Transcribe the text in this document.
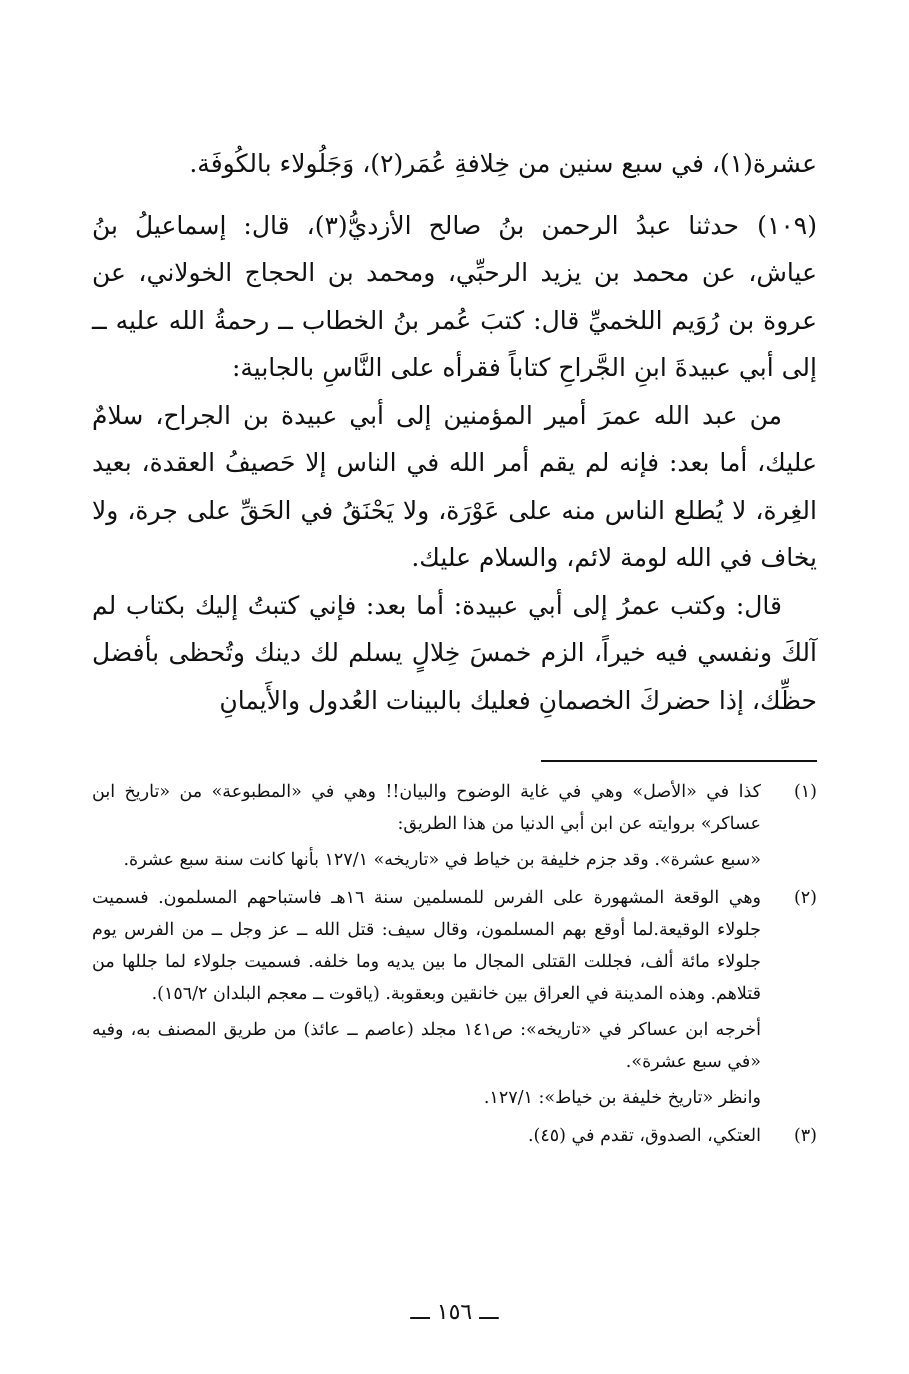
عشرة(١)، في سبع سنين من خِلافةِ عُمَر(٢)، وَجَلُولاء بالكُوفَة.

(١٠٩)

حدثنا عبدُ الرحمن بنُ صالح الأزديُّ(٣)، قال: إسماعيلُ بنُ عياش، عن محمد بن يزيد الرحبِّي، ومحمد بن الحجاج الخولاني، عن عروة بن رُوَيم اللخميِّ قال: كتبَ عُمر بنُ الخطاب ــ رحمةُ الله عليه ــ إلى أبي عبيدةَ ابنِ الجَّراحِ كتاباً فقرأه على النَّاسِ بالجابية:

من عبد الله عمرَ أمير المؤمنين إلى أبي عبيدة بن الجراح، سلامٌ عليك، أما بعد: فإنه لم يقم أمر الله في الناس إلا حَصيفُ العقدة، بعيد الغِرة، لا يُطلع الناس منه على عَوْرَة، ولا يَحْنَقُ في الحَقِّ على جرة، ولا يخاف في الله لومة لائم، والسلام عليك.

قال: وكتب عمرُ إلى أبي عبيدة: أما بعد: فإني كتبتُ إليك بكتاب لم آلكَ ونفسي فيه خيراً، الزم خمسَ خِلالٍ يسلم لك دينك وتُحظى بأفضل حظِّك، إذا حضركَ الخصمانِ فعليك بالبينات العُدول والأَيمانِ

(١)

كذا في «الأصل» وهي في غاية الوضوح والبيان!! وهي في «المطبوعة» من «تاريخ ابن عساكر» بروايته عن ابن أبي الدنيا من هذا الطريق:

«سبع عشرة». وقد جزم خليفة بن خياط في «تاريخه» ١٢٧/١ بأنها كانت سنة سبع عشرة.

(٢)

وهي الوقعة المشهورة على الفرس للمسلمين سنة ١٦هـ فاستباحهم المسلمون. فسميت جلولاء الوقيعة.لما أوقع بهم المسلمون، وقال سيف: قتل الله ــ عز وجل ــ من الفرس يوم جلولاء مائة ألف، فجللت القتلى المجال ما بين يديه وما خلفه. فسميت جلولاء لما جللها من قتلاهم. وهذه المدينة في العراق بين خانقين وبعقوبة. (ياقوت ــ معجم البلدان ١٥٦/٢).

أخرجه ابن عساكر في «تاريخه»: ص١٤١ مجلد (عاصم ــ عائذ) من طريق المصنف به، وفيه «في سبع عشرة».

وانظر «تاريخ خليفة بن خياط»: ١٢٧/١.

(٣)

العتكي، الصدوق، تقدم في (٤٥).

ـــ ١٥٦ ـــ
